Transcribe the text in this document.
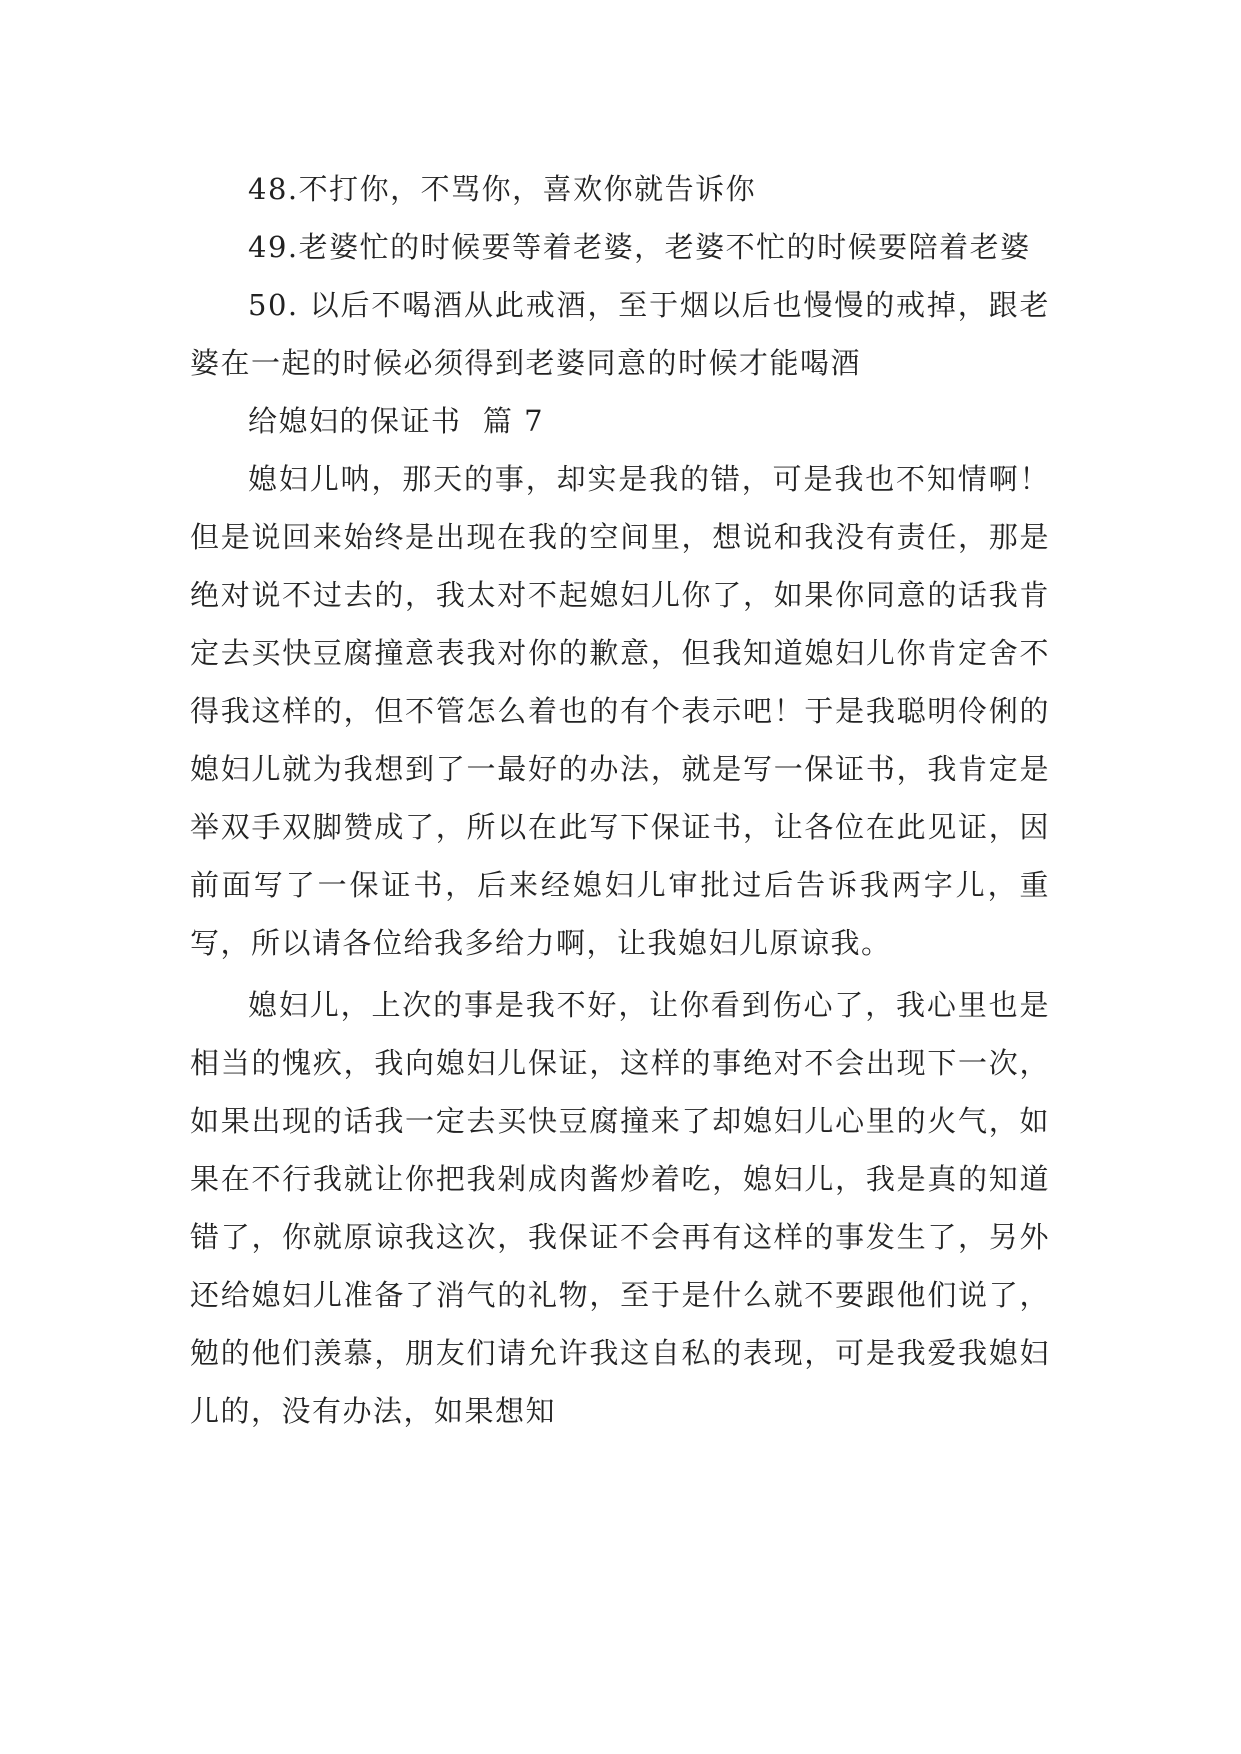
48.不打你，不骂你，喜欢你就告诉你

49.老婆忙的时候要等着老婆，老婆不忙的时候要陪着老婆

50. 以后不喝酒从此戒酒，至于烟以后也慢慢的戒掉，跟老婆在一起的时候必须得到老婆同意的时候才能喝酒

给媳妇的保证书  篇 7

媳妇儿呐，那天的事，却实是我的错，可是我也不知情啊！但是说回来始终是出现在我的空间里，想说和我没有责任，那是绝对说不过去的，我太对不起媳妇儿你了，如果你同意的话我肯定去买快豆腐撞意表我对你的歉意，但我知道媳妇儿你肯定舍不得我这样的，但不管怎么着也的有个表示吧！于是我聪明伶俐的媳妇儿就为我想到了一最好的办法，就是写一保证书，我肯定是举双手双脚赞成了，所以在此写下保证书，让各位在此见证，因前面写了一保证书，后来经媳妇儿审批过后告诉我两字儿，重写，所以请各位给我多给力啊，让我媳妇儿原谅我。

媳妇儿，上次的事是我不好，让你看到伤心了，我心里也是相当的愧疚，我向媳妇儿保证，这样的事绝对不会出现下一次，如果出现的话我一定去买快豆腐撞来了却媳妇儿心里的火气，如果在不行我就让你把我剁成肉酱炒着吃，媳妇儿，我是真的知道错了，你就原谅我这次，我保证不会再有这样的事发生了，另外还给媳妇儿准备了消气的礼物，至于是什么就不要跟他们说了，勉的他们羡慕，朋友们请允许我这自私的表现，可是我爱我媳妇儿的，没有办法，如果想知
